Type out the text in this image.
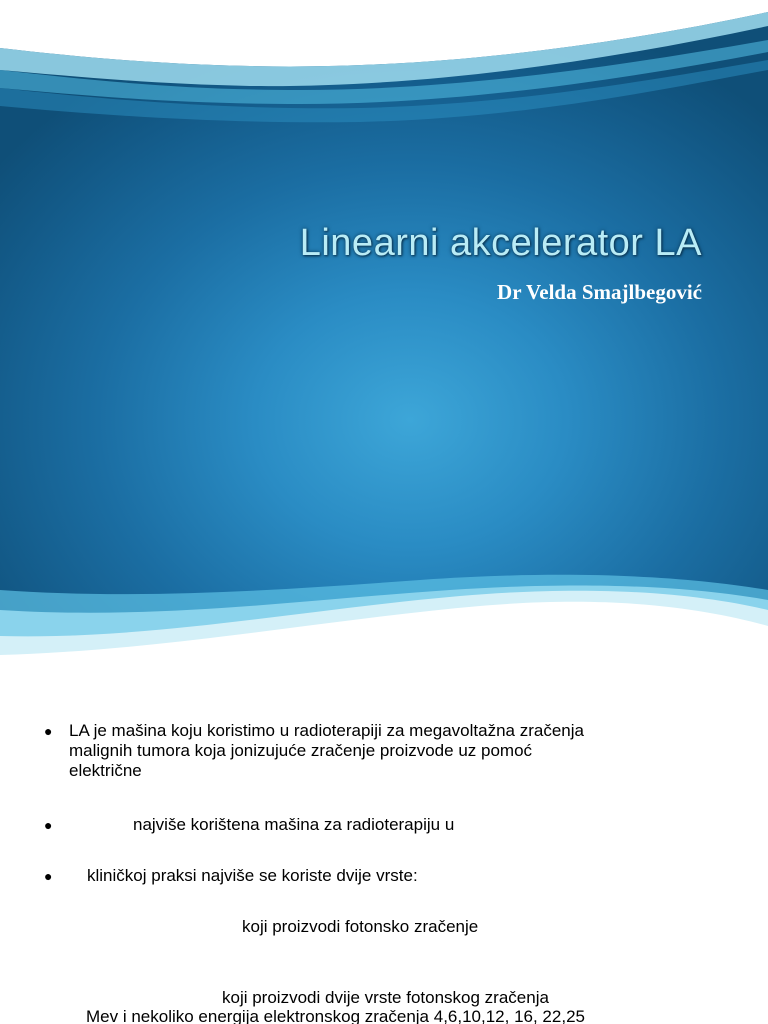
Linearni akcelerator LA

Dr Velda Smajlbegović

● LA je mašina koju koristimo u radioterapiji za megavoltažna zračenja
malignih tumora koja jonizujuće zračenje proizvode uz pomoć
električne
●	najviše korištena mašina za radioterapiju u
● kliničkoj praksi najviše se koriste dvije vrste:
koji proizvodi fotonsko zračenje
koji proizvodi dvije vrste fotonskog zračenja
Mev i nekoliko energija elektronskog zračenja 4,6,10,12, 16, 22,25
